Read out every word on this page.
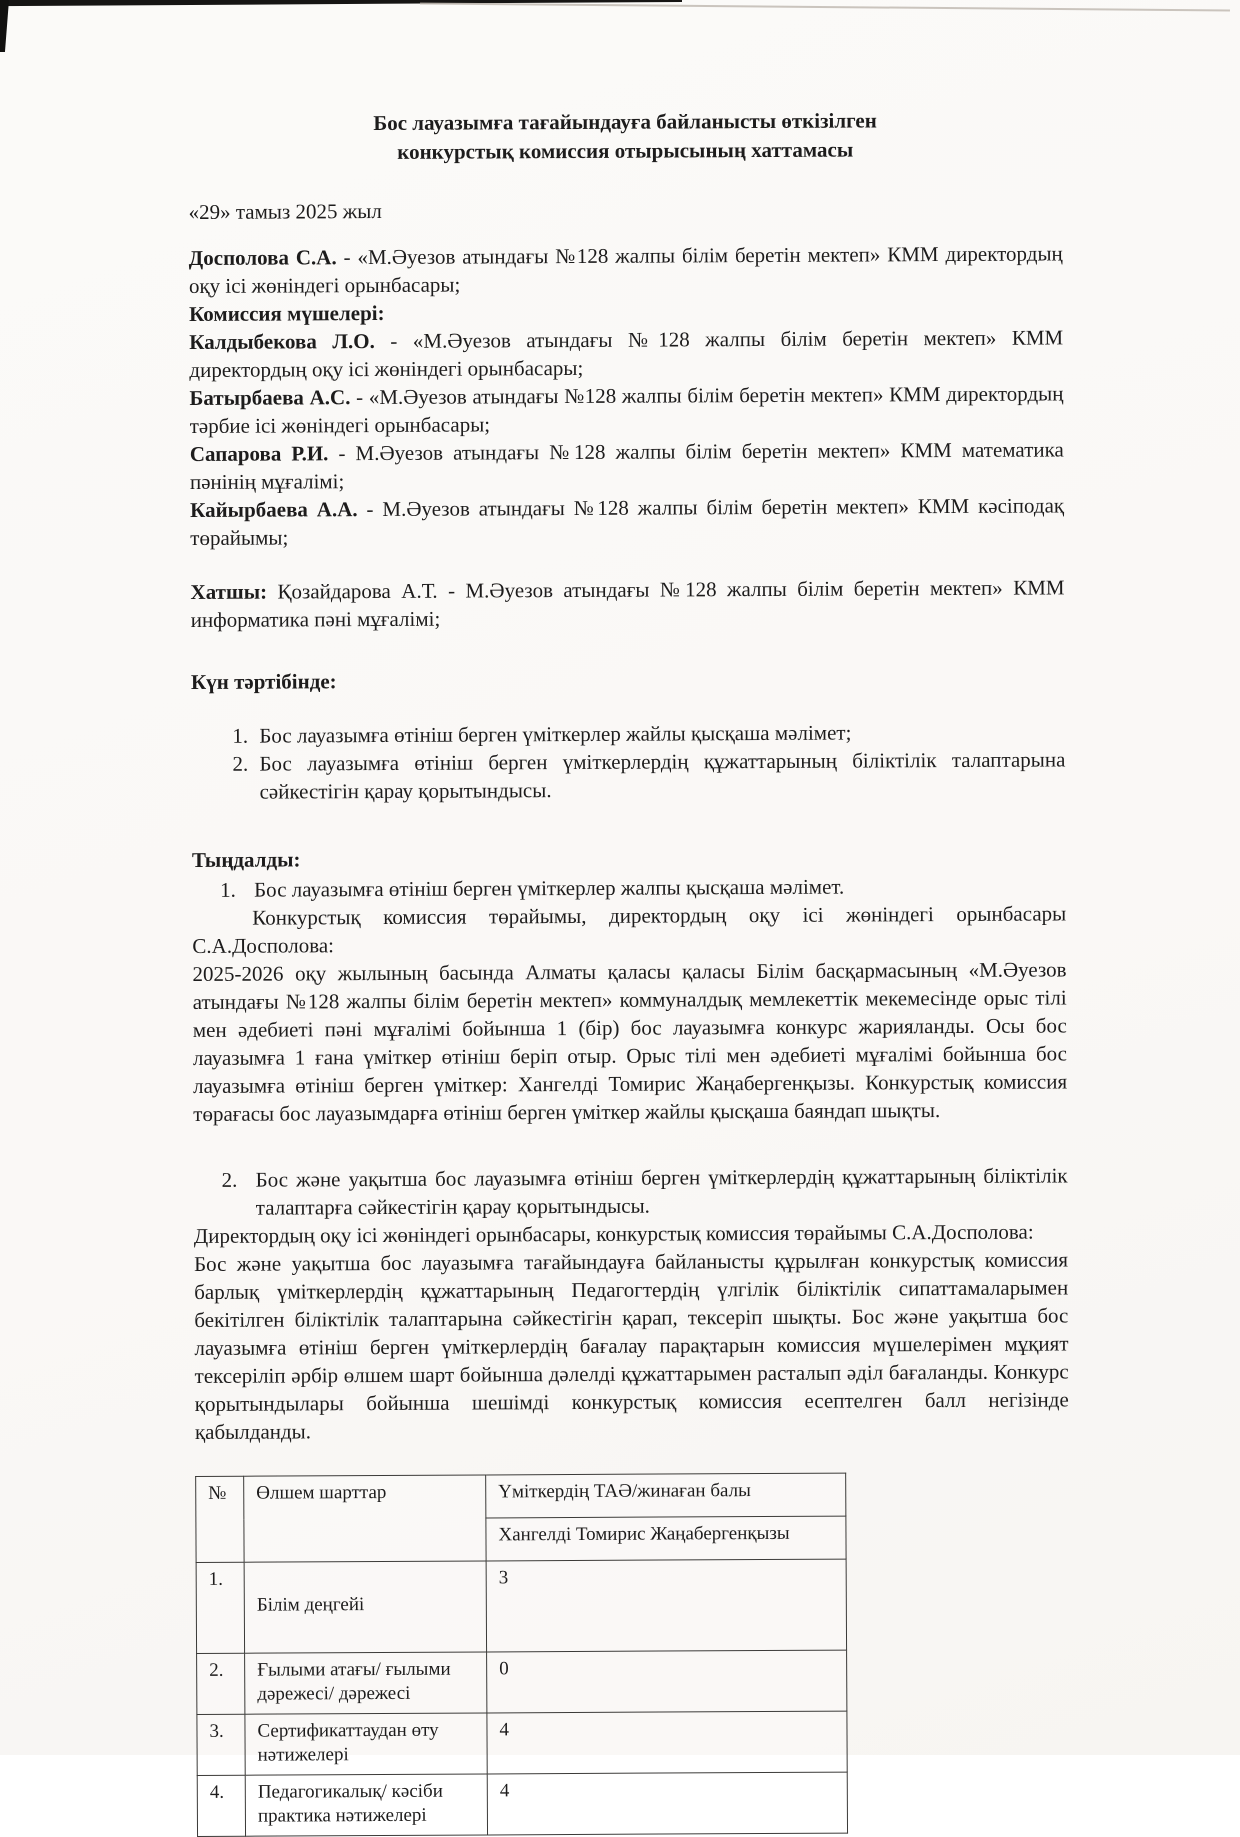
Бос лауазымға тағайындауға байланысты өткізілген
конкурстық комиссия отырысының хаттамасы

«29» тамыз 2025 жыл

Досполова С.А. - «М.Әуезов атындағы №128 жалпы білім беретін мектеп» КММ директордың оқу ісі жөніндегі орынбасары;

Комиссия мүшелері:

Калдыбекова Л.О. - «М.Әуезов атындағы №128 жалпы білім беретін мектеп» КММ директордың оқу ісі жөніндегі орынбасары;

Батырбаева А.С. - «М.Әуезов атындағы №128 жалпы білім беретін мектеп» КММ директордың тәрбие ісі жөніндегі орынбасары;

Сапарова Р.И. - М.Әуезов атындағы №128 жалпы білім беретін мектеп» КММ математика пәнінің мұғалімі;

Кайырбаева А.А. - М.Әуезов атындағы №128 жалпы білім беретін мектеп» КММ кәсіподақ төрайымы;

Хатшы: Қозайдарова А.Т. - М.Әуезов атындағы №128 жалпы білім беретін мектеп» КММ информатика пәні мұғалімі;

Күн тәртібінде:

1. Бос лауазымға өтініш берген үміткерлер жайлы қысқаша мәлімет;
2. Бос лауазымға өтініш берген үміткерлердің құжаттарының біліктілік талаптарына сәйкестігін қарау қорытындысы.

Тыңдалды:

1. Бос лауазымға өтініш берген үміткерлер жалпы қысқаша мәлімет.

Конкурстық комиссия төрайымы, директордың оқу ісі жөніндегі орынбасары С.А.Досполова:

2025-2026 оқу жылының басында Алматы қаласы қаласы Білім басқармасының «М.Әуезов атындағы №128 жалпы білім беретін мектеп» коммуналдық мемлекеттік мекемесінде орыс тілі мен әдебиеті пәні мұғалімі бойынша 1 (бір) бос лауазымға конкурс жарияланды. Осы бос лауазымға 1 ғана үміткер өтініш беріп отыр. Орыс тілі мен әдебиеті мұғалімі бойынша бос лауазымға өтініш берген үміткер: Хангелді Томирис Жаңабергенқызы. Конкурстық комиссия төрағасы бос лауазымдарға өтініш берген үміткер жайлы қысқаша баяндап шықты.

2. Бос және уақытша бос лауазымға өтініш берген үміткерлердің құжаттарының біліктілік талаптарға сәйкестігін қарау қорытындысы.

Директордың оқу ісі жөніндегі орынбасары, конкурстық комиссия төрайымы С.А.Досполова:

Бос және уақытша бос лауазымға тағайындауға байланысты құрылған конкурстық комиссия барлық үміткерлердің құжаттарының Педагогтердің үлгілік біліктілік сипаттамаларымен бекітілген біліктілік талаптарына сәйкестігін қарап, тексеріп шықты. Бос және уақытша бос лауазымға өтініш берген үміткерлердің бағалау парақтарын комиссия мүшелерімен мұқият тексеріліп әрбір өлшем шарт бойынша дәлелді құжаттарымен расталып әділ бағаланды. Конкурс қорытындылары бойынша шешімді конкурстық комиссия есептелген балл негізінде қабылданды.

№	Өлшем шарттар	Үміткердің ТАӘ/жинаған балы
		Хангелді Томирис Жаңабергенқызы
1.	Білім деңгейі	3
2.	Ғылыми атағы/ ғылыми дәрежесі/ дәрежесі	0
3.	Сертификаттаудан өту нәтижелері	4
4.	Педагогикалық/ кәсіби практика нәтижелері	4
